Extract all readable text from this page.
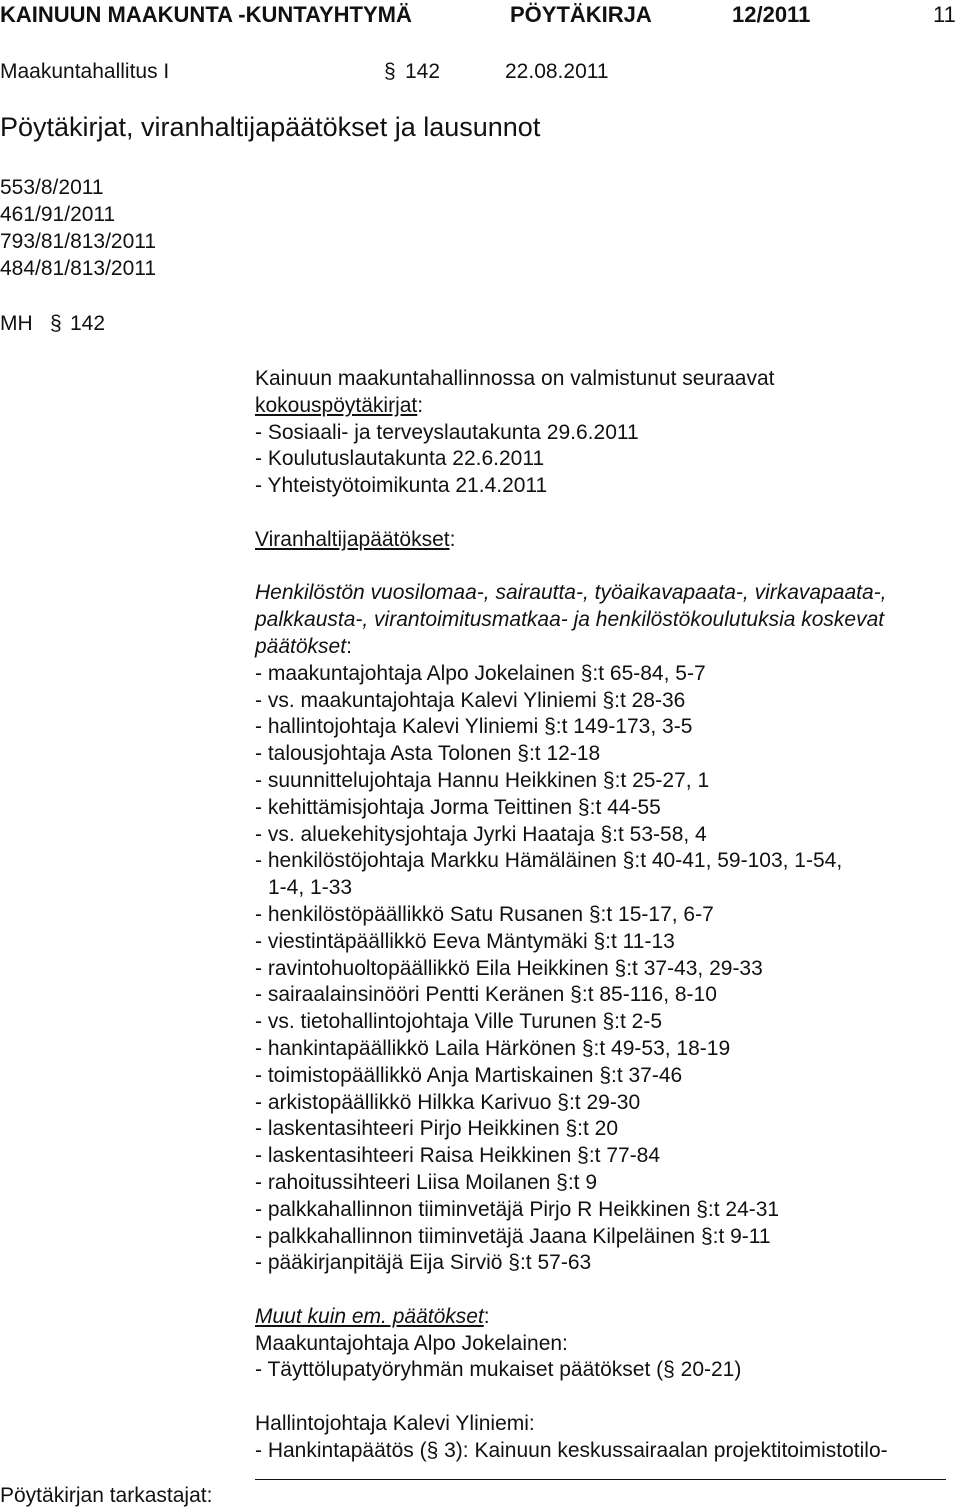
KAINUUN MAAKUNTA -KUNTAYHTYMÄ	PÖYTÄKIRJA	12/2011	11
Maakuntahallitus I	§ 142	22.08.2011
Pöytäkirjat, viranhaltijapäätökset ja lausunnot
553/8/2011
461/91/2011
793/81/813/2011
484/81/813/2011
MH § 142
Kainuun maakuntahallinnossa on valmistunut seuraavat
kokouspöytäkirjat:
- Sosiaali- ja terveyslautakunta 29.6.2011
- Koulutuslautakunta 22.6.2011
- Yhteistyötoimikunta 21.4.2011
Viranhaltijapäätökset:
Henkilöstön vuosilomaa-, sairautta-, työaikavapaata-, virkavapaata-,
palkkausta-, virantoimitusmatkaa- ja henkilöstökoulutuksia koskevat
päätökset:
- maakuntajohtaja Alpo Jokelainen §:t 65-84, 5-7
- vs. maakuntajohtaja Kalevi Yliniemi §:t 28-36
- hallintojohtaja Kalevi Yliniemi §:t 149-173, 3-5
- talousjohtaja Asta Tolonen §:t 12-18
- suunnittelujohtaja Hannu Heikkinen §:t 25-27, 1
- kehittämisjohtaja Jorma Teittinen §:t 44-55
- vs. aluekehitysjohtaja Jyrki Haataja §:t 53-58, 4
- henkilöstöjohtaja Markku Hämäläinen §:t 40-41, 59-103, 1-54,
1-4, 1-33
- henkilöstöpäällikkö Satu Rusanen §:t 15-17, 6-7
- viestintäpäällikkö Eeva Mäntymäki §:t 11-13
- ravintohuoltopäällikkö Eila Heikkinen §:t 37-43, 29-33
- sairaalainsinööri Pentti Keränen §:t 85-116, 8-10
- vs. tietohallintojohtaja Ville Turunen §:t 2-5
- hankintapäällikkö Laila Härkönen §:t 49-53, 18-19
- toimistopäällikkö Anja Martiskainen §:t 37-46
- arkistopäällikkö Hilkka Karivuo §:t 29-30
- laskentasihteeri Pirjo Heikkinen §:t 20
- laskentasihteeri Raisa Heikkinen §:t 77-84
- rahoitussihteeri Liisa Moilanen §:t 9
- palkkahallinnon tiiminvetäjä Pirjo R Heikkinen §:t 24-31
- palkkahallinnon tiiminvetäjä Jaana Kilpeläinen §:t 9-11
- pääkirjanpitäjä Eija Sirviö §:t 57-63
Muut kuin em. päätökset:
Maakuntajohtaja Alpo Jokelainen:
- Täyttölupatyöryhmän mukaiset päätökset (§ 20-21)
Hallintojohtaja Kalevi Yliniemi:
- Hankintapäätös (§ 3): Kainuun keskussairaalan projektitoimistotilo-
Pöytäkirjan tarkastajat:
